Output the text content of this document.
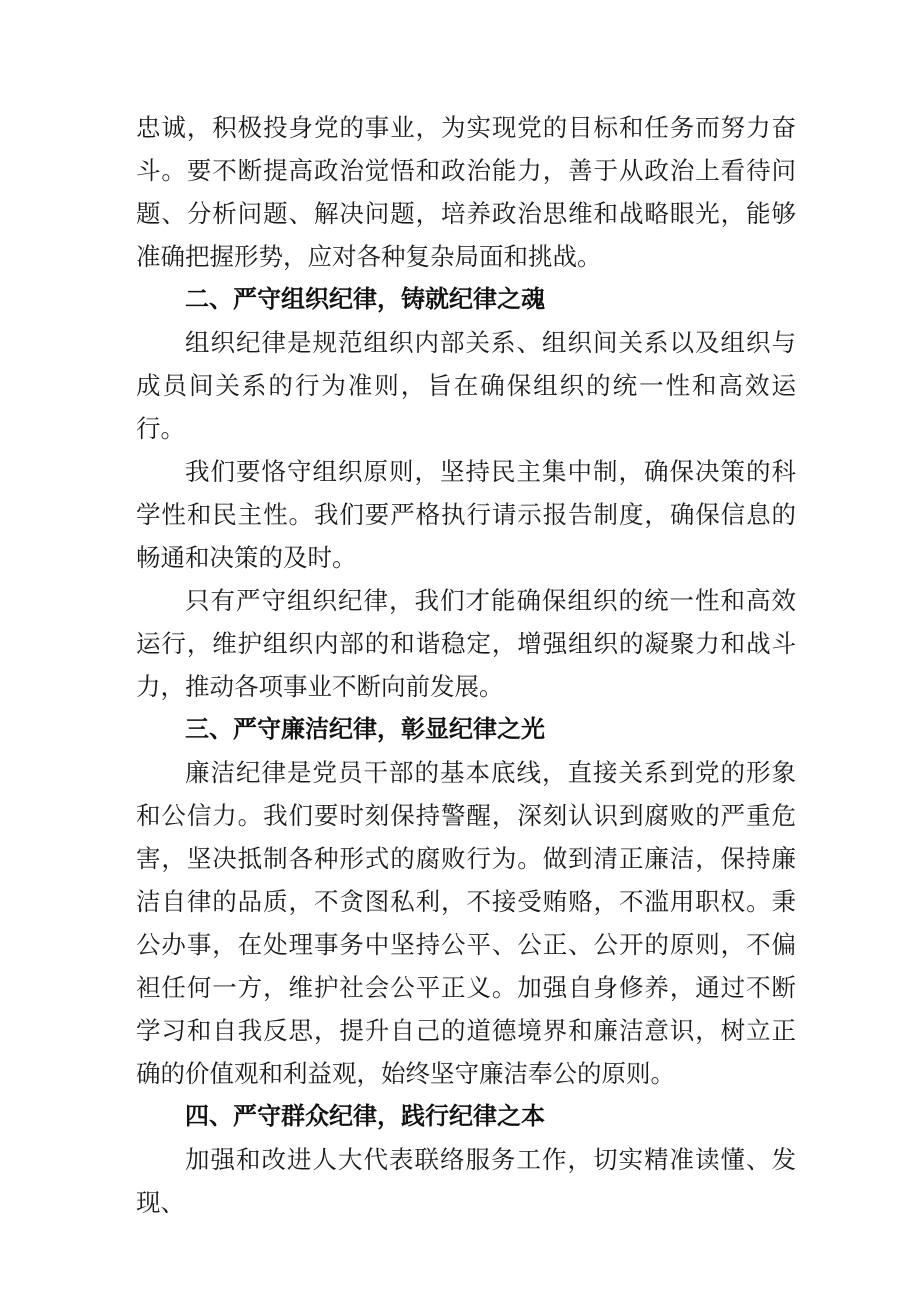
忠诚，积极投身党的事业，为实现党的目标和任务而努力奋斗。要不断提高政治觉悟和政治能力，善于从政治上看待问题、分析问题、解决问题，培养政治思维和战略眼光，能够准确把握形势，应对各种复杂局面和挑战。

二、严守组织纪律，铸就纪律之魂

组织纪律是规范组织内部关系、组织间关系以及组织与成员间关系的行为准则，旨在确保组织的统一性和高效运行。

我们要恪守组织原则，坚持民主集中制，确保决策的科学性和民主性。我们要严格执行请示报告制度，确保信息的畅通和决策的及时。

只有严守组织纪律，我们才能确保组织的统一性和高效运行，维护组织内部的和谐稳定，增强组织的凝聚力和战斗力，推动各项事业不断向前发展。

三、严守廉洁纪律，彰显纪律之光

廉洁纪律是党员干部的基本底线，直接关系到党的形象和公信力。我们要时刻保持警醒，深刻认识到腐败的严重危害，坚决抵制各种形式的腐败行为。做到清正廉洁，保持廉洁自律的品质，不贪图私利，不接受贿赂，不滥用职权。秉公办事，在处理事务中坚持公平、公正、公开的原则，不偏袒任何一方，维护社会公平正义。加强自身修养，通过不断学习和自我反思，提升自己的道德境界和廉洁意识，树立正确的价值观和利益观，始终坚守廉洁奉公的原则。

四、严守群众纪律，践行纪律之本

加强和改进人大代表联络服务工作，切实精准读懂、发现、
